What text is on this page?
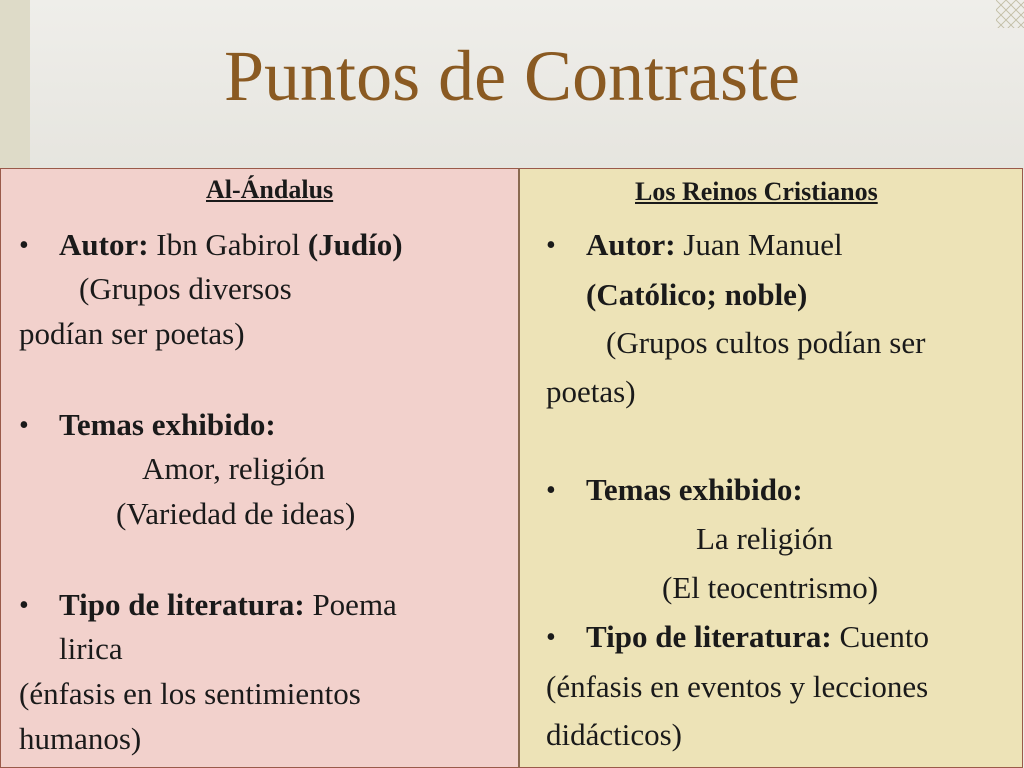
Puntos de Contraste
Al-Ándalus
• Autor: Ibn Gabirol (Judío)
(Grupos diversos
podían ser poetas)
• Temas exhibido:
Amor, religión
(Variedad de ideas)
• Tipo de literatura: Poema
lirica
(énfasis en los sentimientos
humanos)
Los Reinos Cristianos
• Autor: Juan Manuel
(Católico; noble)
(Grupos cultos podían ser
poetas)
• Temas exhibido:
La religión
(El teocentrismo)
• Tipo de literatura: Cuento
(énfasis en eventos y lecciones
didácticos)
